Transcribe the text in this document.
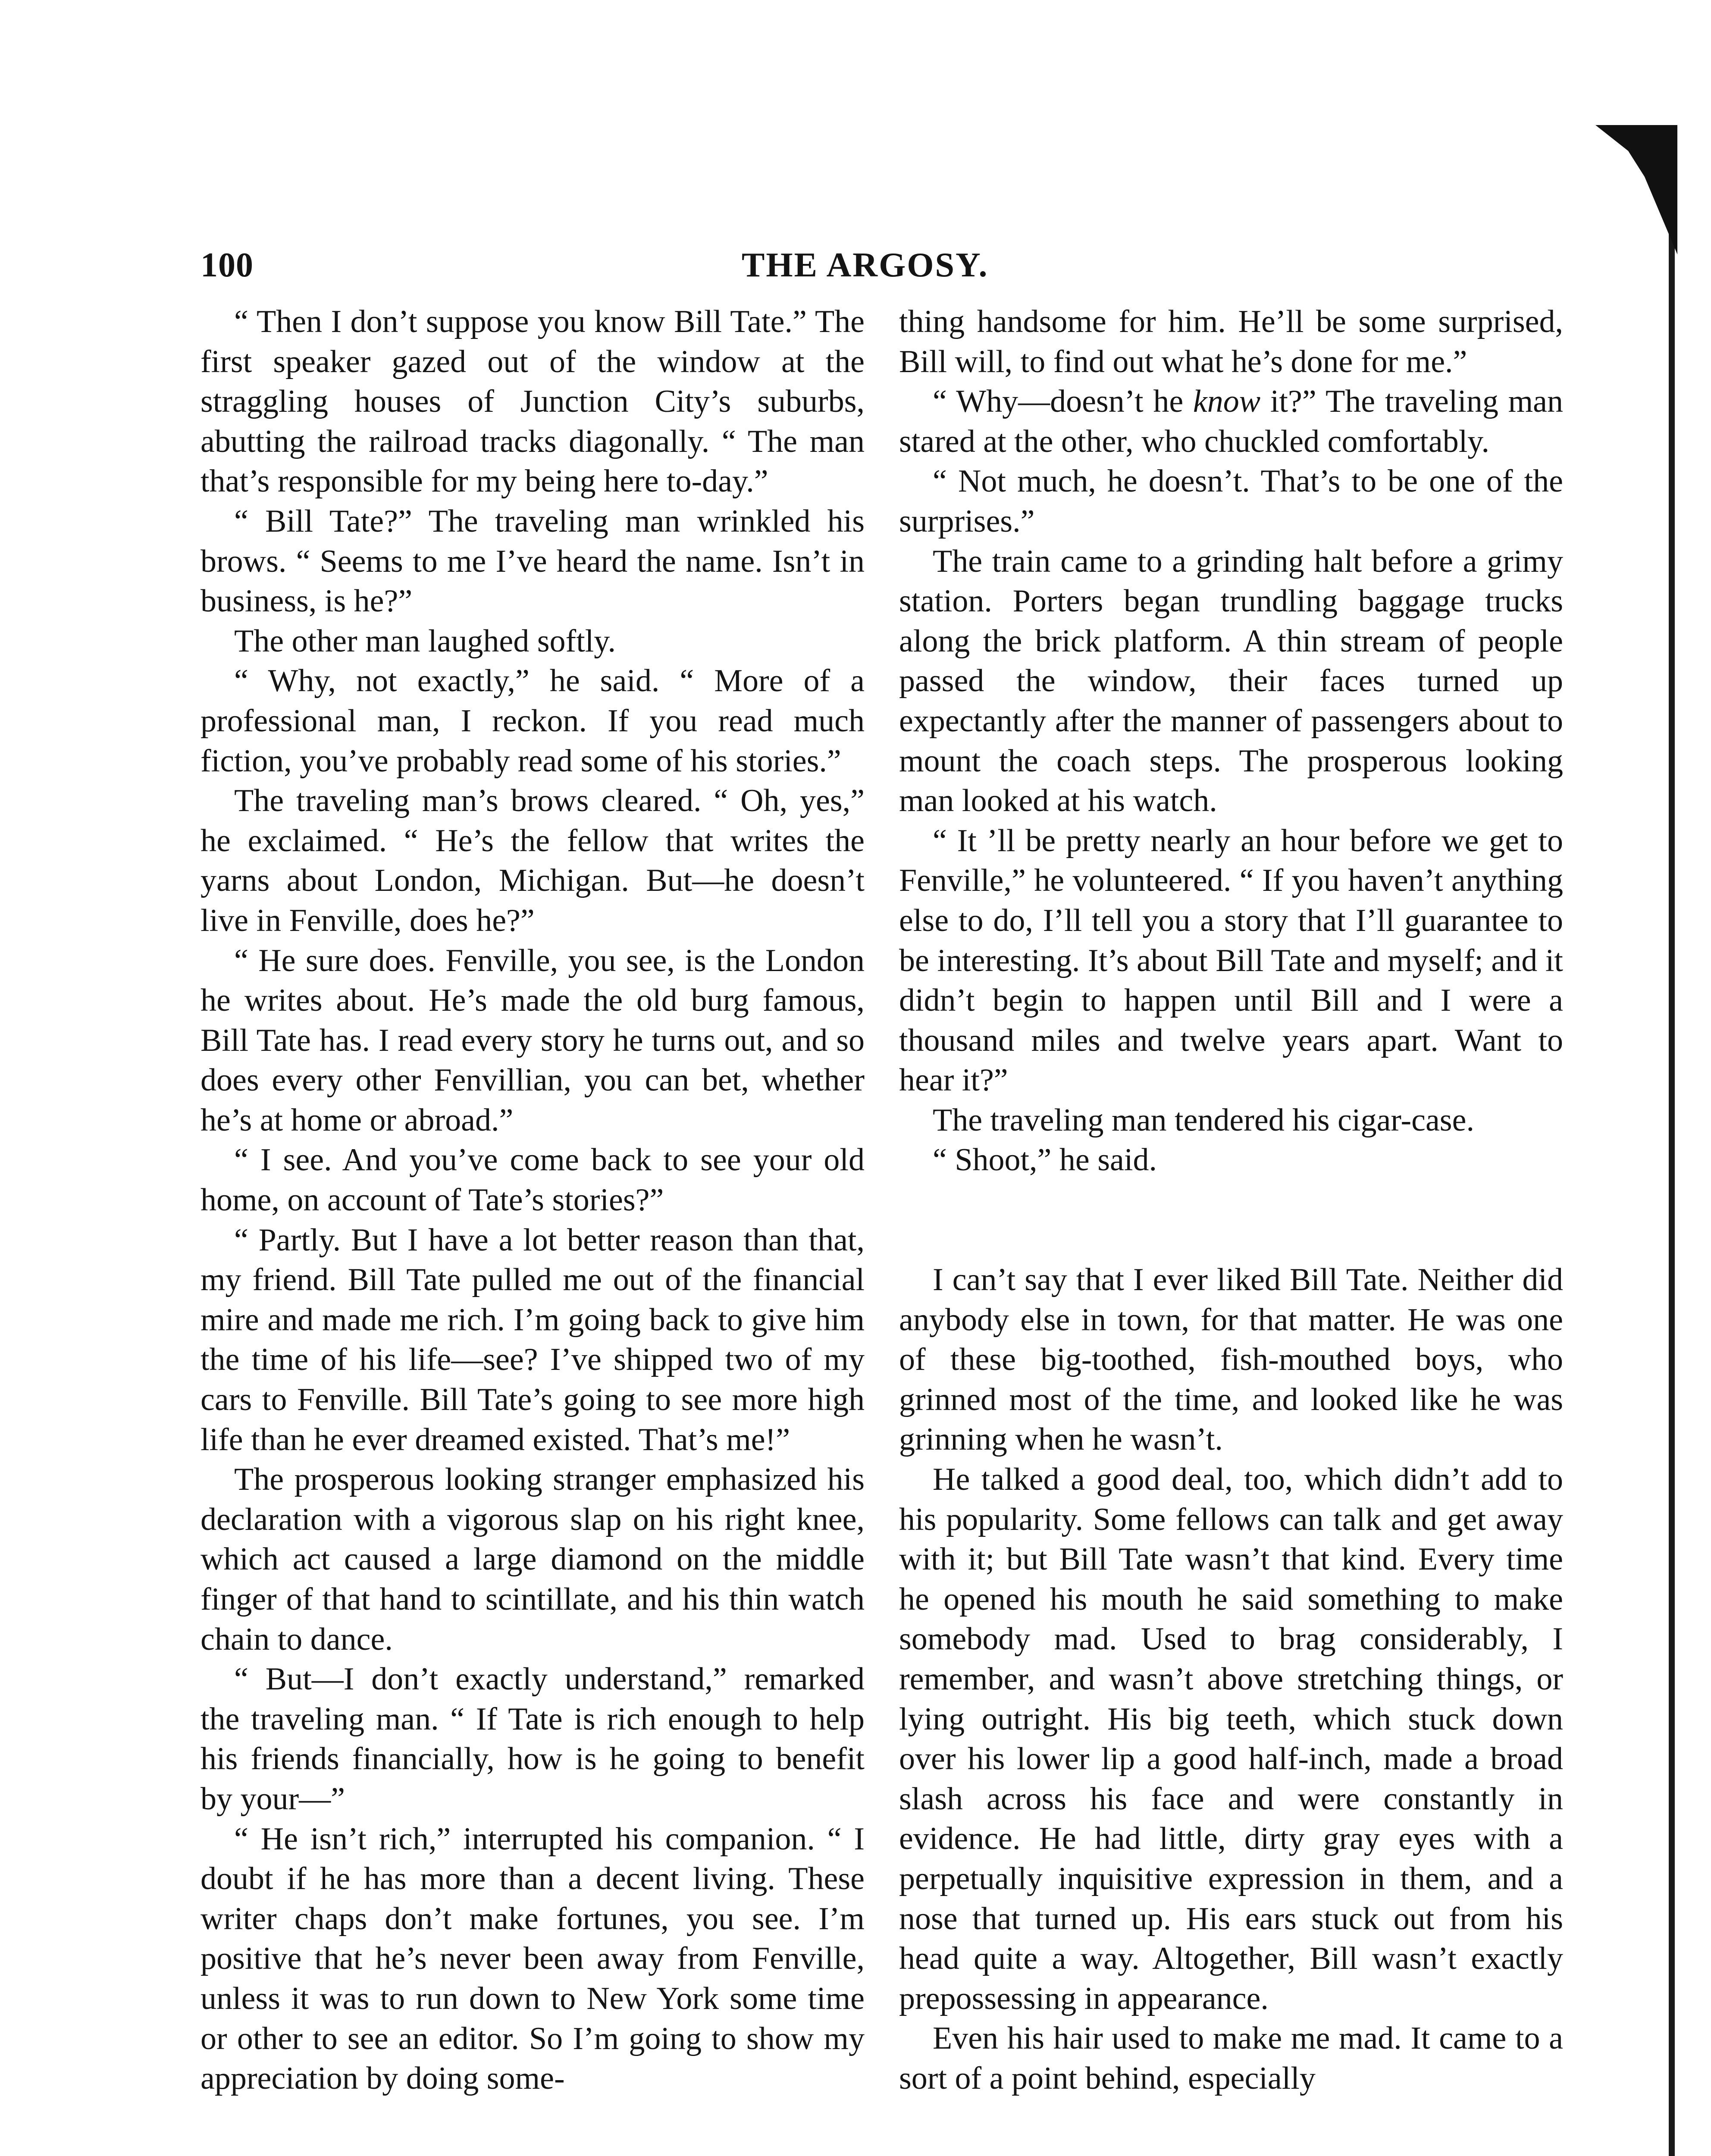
100	THE ARGOSY.

“ Then I don’t suppose you know Bill Tate.” The first speaker gazed out of the window at the straggling houses of Junction City’s suburbs, abutting the railroad tracks diagonally. “ The man that’s responsible for my being here to-day.”

“ Bill Tate?” The traveling man wrinkled his brows. “ Seems to me I’ve heard the name. Isn’t in business, is he?”

The other man laughed softly.

“ Why, not exactly,” he said. “ More of a professional man, I reckon. If you read much fiction, you’ve probably read some of his stories.”

The traveling man’s brows cleared. “ Oh, yes,” he exclaimed. “ He’s the fellow that writes the yarns about London, Michigan. But—he doesn’t live in Fenville, does he?”

“ He sure does. Fenville, you see, is the London he writes about. He’s made the old burg famous, Bill Tate has. I read every story he turns out, and so does every other Fenvillian, you can bet, whether he’s at home or abroad.”

“ I see. And you’ve come back to see your old home, on account of Tate’s stories?”

“ Partly. But I have a lot better reason than that, my friend. Bill Tate pulled me out of the financial mire and made me rich. I’m going back to give him the time of his life—see? I’ve shipped two of my cars to Fenville. Bill Tate’s going to see more high life than he ever dreamed existed. That’s me!”

The prosperous looking stranger emphasized his declaration with a vigorous slap on his right knee, which act caused a large diamond on the middle finger of that hand to scintillate, and his thin watch chain to dance.

“ But—I don’t exactly understand,” remarked the traveling man. “ If Tate is rich enough to help his friends financially, how is he going to benefit by your—”

“ He isn’t rich,” interrupted his companion. “ I doubt if he has more than a decent living. These writer chaps don’t make fortunes, you see. I’m positive that he’s never been away from Fenville, unless it was to run down to New York some time or other to see an editor. So I’m going to show my appreciation by doing some-

thing handsome for him. He’ll be some surprised, Bill will, to find out what he’s done for me.”

“ Why—doesn’t he know it?” The traveling man stared at the other, who chuckled comfortably.

“ Not much, he doesn’t. That’s to be one of the surprises.”

The train came to a grinding halt before a grimy station. Porters began trundling baggage trucks along the brick platform. A thin stream of people passed the window, their faces turned up expectantly after the manner of passengers about to mount the coach steps. The prosperous looking man looked at his watch.

“ It ’ll be pretty nearly an hour before we get to Fenville,” he volunteered. “ If you haven’t anything else to do, I’ll tell you a story that I’ll guarantee to be interesting. It’s about Bill Tate and myself; and it didn’t begin to happen until Bill and I were a thousand miles and twelve years apart. Want to hear it?”

The traveling man tendered his cigar-case.

“ Shoot,” he said.

I can’t say that I ever liked Bill Tate. Neither did anybody else in town, for that matter. He was one of these big-toothed, fish-mouthed boys, who grinned most of the time, and looked like he was grinning when he wasn’t.

He talked a good deal, too, which didn’t add to his popularity. Some fellows can talk and get away with it; but Bill Tate wasn’t that kind. Every time he opened his mouth he said something to make somebody mad. Used to brag considerably, I remember, and wasn’t above stretching things, or lying outright. His big teeth, which stuck down over his lower lip a good half-inch, made a broad slash across his face and were constantly in evidence. He had little, dirty gray eyes with a perpetually inquisitive expression in them, and a nose that turned up. His ears stuck out from his head quite a way. Altogether, Bill wasn’t exactly prepossessing in appearance.

Even his hair used to make me mad. It came to a sort of a point behind, especially
